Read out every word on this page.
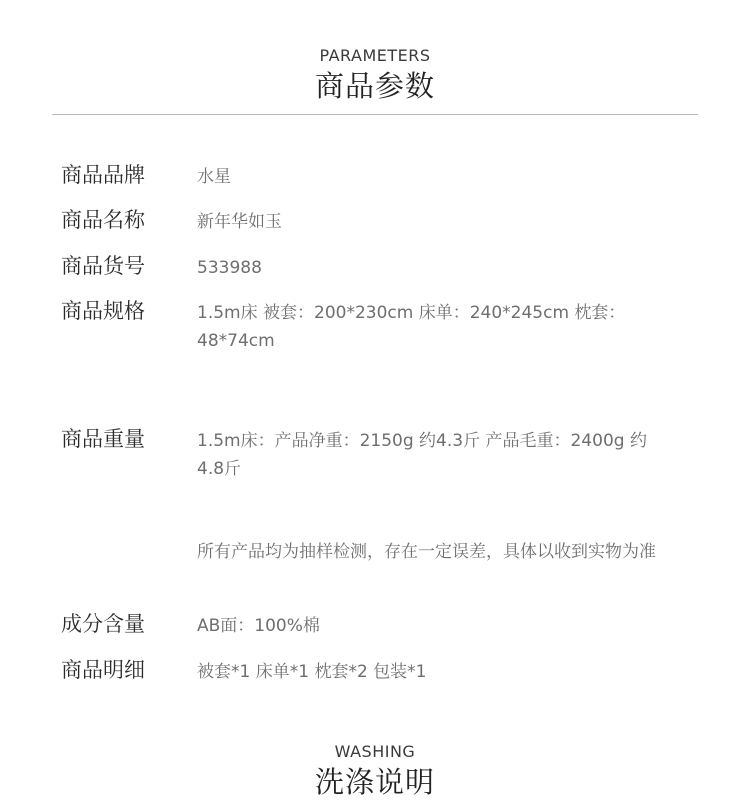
PARAMETERS
商品参数
商品品牌	水星
商品名称	新年华如玉
商品货号	533988
商品规格	1.5m床 被套：200*230cm 床单：240*245cm 枕套：48*74cm
商品重量	1.5m床：产品净重：2150g 约4.3斤 产品毛重：2400g 约4.8斤
所有产品均为抽样检测，存在一定误差，具体以收到实物为准
成分含量	AB面：100%棉
商品明细	被套*1 床单*1 枕套*2 包装*1
WASHING
洗涤说明
